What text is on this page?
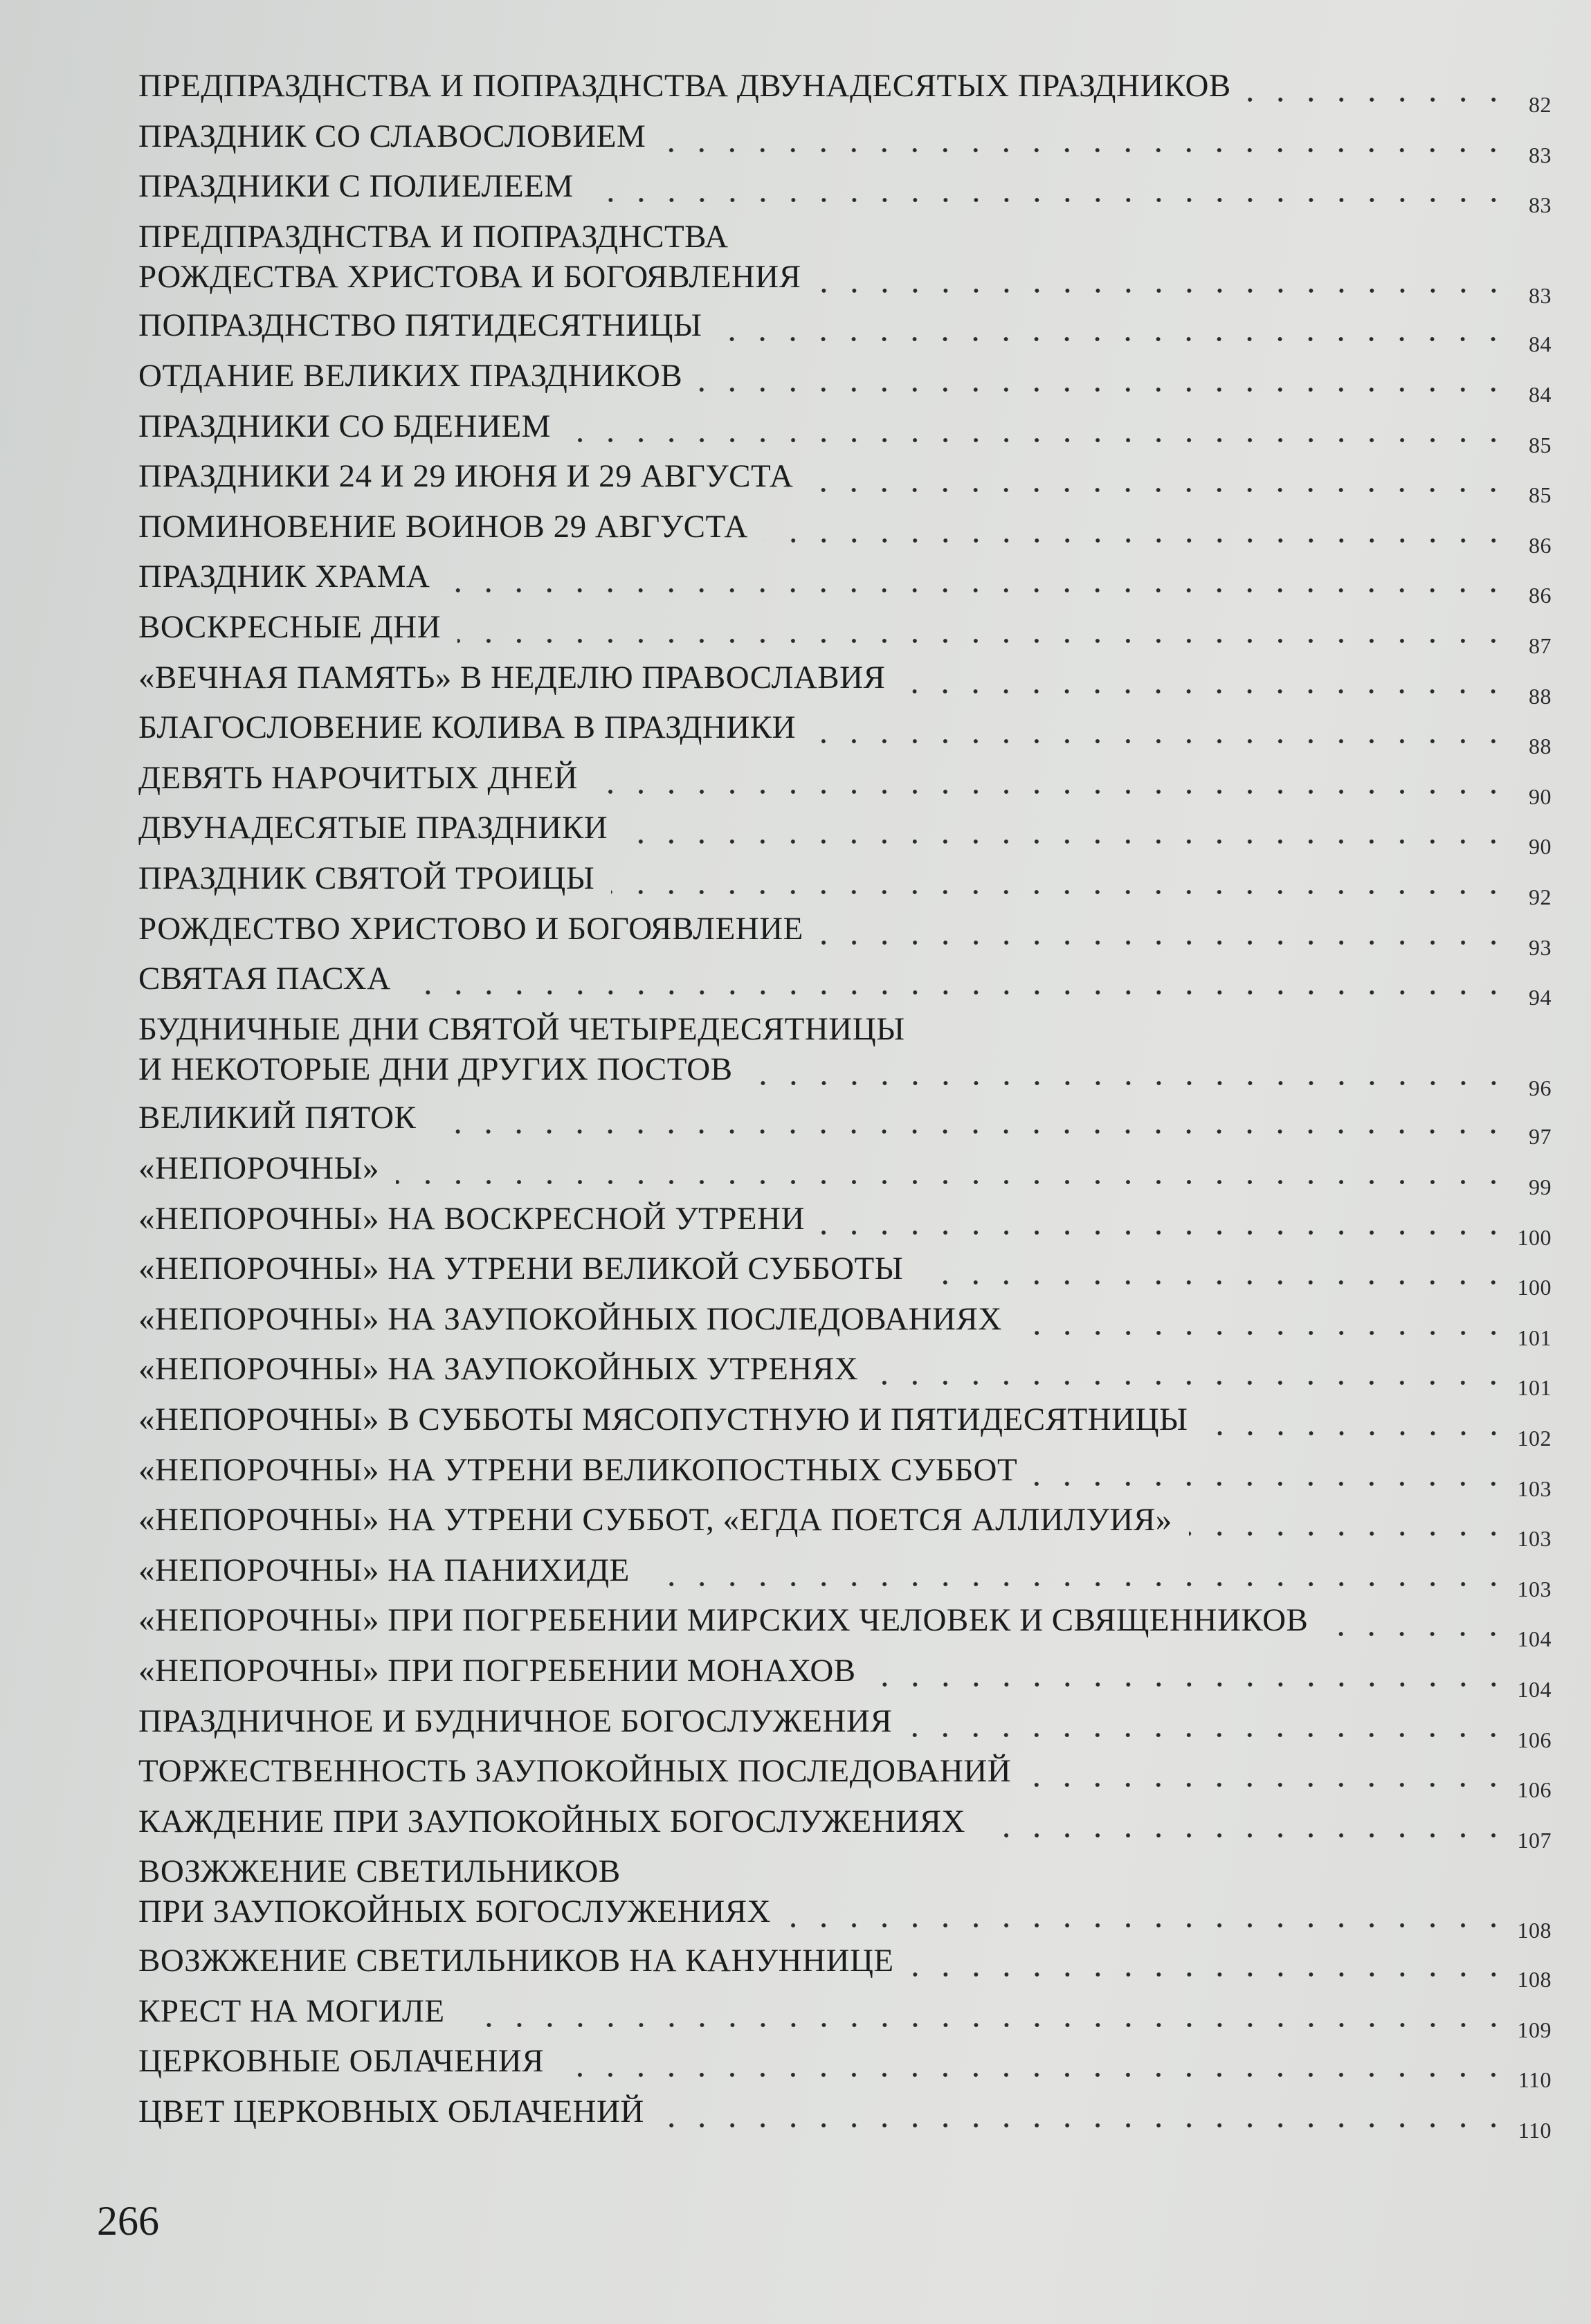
ПРЕДПРАЗДНСТВА И ПОПРАЗДНСТВА ДВУНАДЕСЯТЫХ ПРАЗДНИКОВ
82
ПРАЗДНИК СО СЛАВОСЛОВИЕМ
83
ПРАЗДНИКИ С ПОЛИЕЛЕЕМ
83
ПРЕДПРАЗДНСТВА И ПОПРАЗДНСТВА
РОЖДЕСТВА ХРИСТОВА И БОГОЯВЛЕНИЯ
83
ПОПРАЗДНСТВО ПЯТИДЕСЯТНИЦЫ
84
ОТДАНИЕ ВЕЛИКИХ ПРАЗДНИКОВ
84
ПРАЗДНИКИ СО БДЕНИЕМ
85
ПРАЗДНИКИ 24 И 29 ИЮНЯ И 29 АВГУСТА
85
ПОМИНОВЕНИЕ ВОИНОВ 29 АВГУСТА
86
ПРАЗДНИК ХРАМА
86
ВОСКРЕСНЫЕ ДНИ
87
«ВЕЧНАЯ ПАМЯТЬ» В НЕДЕЛЮ ПРАВОСЛАВИЯ
88
БЛАГОСЛОВЕНИЕ КОЛИВА В ПРАЗДНИКИ
88
ДЕВЯТЬ НАРОЧИТЫХ ДНЕЙ
90
ДВУНАДЕСЯТЫЕ ПРАЗДНИКИ
90
ПРАЗДНИК СВЯТОЙ ТРОИЦЫ
92
РОЖДЕСТВО ХРИСТОВО И БОГОЯВЛЕНИЕ
93
СВЯТАЯ ПАСХА
94
БУДНИЧНЫЕ ДНИ СВЯТОЙ ЧЕТЫРЕДЕСЯТНИЦЫ
И НЕКОТОРЫЕ ДНИ ДРУГИХ ПОСТОВ
96
ВЕЛИКИЙ ПЯТОК
97
«НЕПОРОЧНЫ»
99
«НЕПОРОЧНЫ» НА ВОСКРЕСНОЙ УТРЕНИ
100
«НЕПОРОЧНЫ» НА УТРЕНИ ВЕЛИКОЙ СУББОТЫ
100
«НЕПОРОЧНЫ» НА ЗАУПОКОЙНЫХ ПОСЛЕДОВАНИЯХ
101
«НЕПОРОЧНЫ» НА ЗАУПОКОЙНЫХ УТРЕНЯХ
101
«НЕПОРОЧНЫ» В СУББОТЫ МЯСОПУСТНУЮ И ПЯТИДЕСЯТНИЦЫ
102
«НЕПОРОЧНЫ» НА УТРЕНИ ВЕЛИКОПОСТНЫХ СУББОТ
103
«НЕПОРОЧНЫ» НА УТРЕНИ СУББОТ, «ЕГДА ПОЕТСЯ АЛЛИЛУИЯ»
103
«НЕПОРОЧНЫ» НА ПАНИХИДЕ
103
«НЕПОРОЧНЫ» ПРИ ПОГРЕБЕНИИ МИРСКИХ ЧЕЛОВЕК И СВЯЩЕННИКОВ
104
«НЕПОРОЧНЫ» ПРИ ПОГРЕБЕНИИ МОНАХОВ
104
ПРАЗДНИЧНОЕ И БУДНИЧНОЕ БОГОСЛУЖЕНИЯ
106
ТОРЖЕСТВЕННОСТЬ ЗАУПОКОЙНЫХ ПОСЛЕДОВАНИЙ
106
КАЖДЕНИЕ ПРИ ЗАУПОКОЙНЫХ БОГОСЛУЖЕНИЯХ
107
ВОЗЖЖЕНИЕ СВЕТИЛЬНИКОВ
ПРИ ЗАУПОКОЙНЫХ БОГОСЛУЖЕНИЯХ
108
ВОЗЖЖЕНИЕ СВЕТИЛЬНИКОВ НА КАНУННИЦЕ
108
КРЕСТ НА МОГИЛЕ
109
ЦЕРКОВНЫЕ ОБЛАЧЕНИЯ
110
ЦВЕТ ЦЕРКОВНЫХ ОБЛАЧЕНИЙ
110
266
